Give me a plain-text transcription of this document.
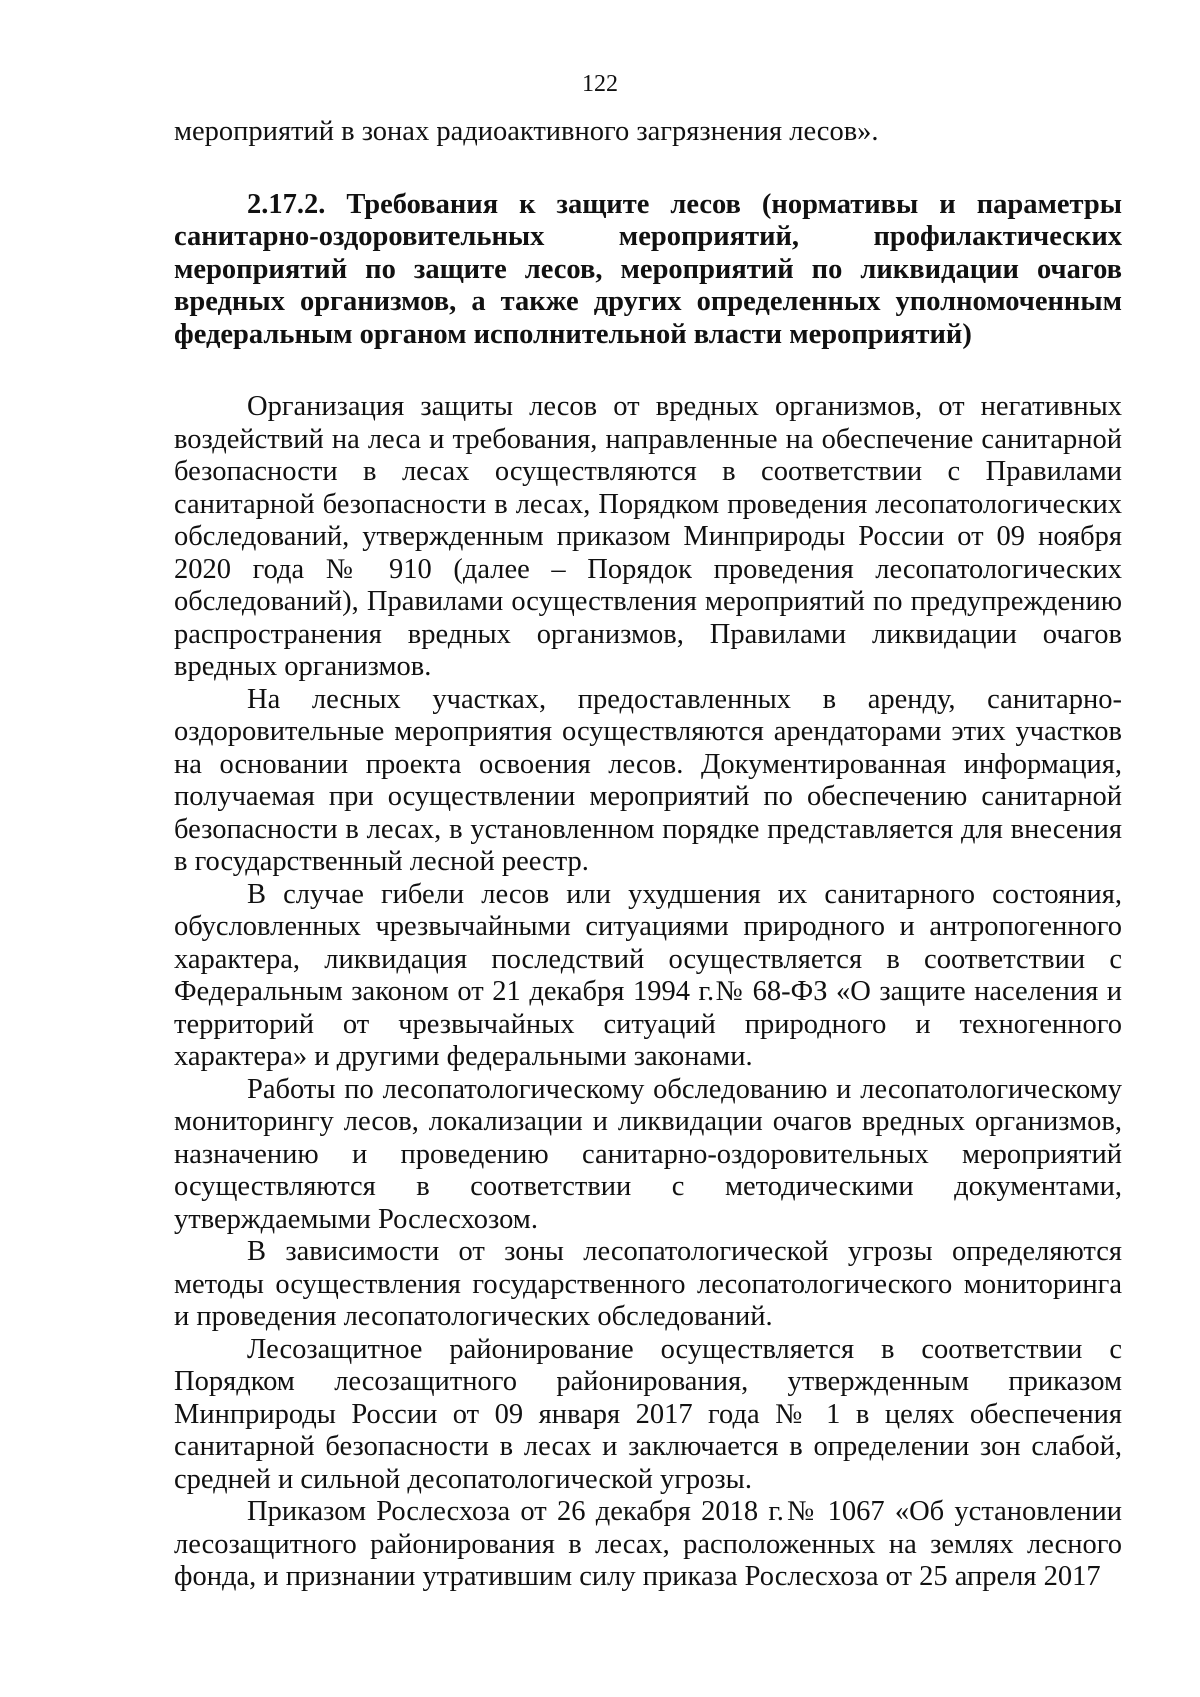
122

мероприятий в зонах радиоактивного загрязнения лесов».

2.17.2. Требования к защите лесов (нормативы и параметры санитарно-оздоровительных мероприятий, профилактических мероприятий по защите лесов, мероприятий по ликвидации очагов вредных организмов, а также других определенных уполномоченным федеральным органом исполнительной власти мероприятий)

Организация защиты лесов от вредных организмов, от негативных воздействий на леса и требования, направленные на обеспечение санитарной безопасности в лесах осуществляются в соответствии с Правилами санитарной безопасности в лесах, Порядком проведения лесопатологических обследований, утвержденным приказом Минприроды России от 09 ноября 2020 года № 910 (далее – Порядок проведения лесопатологических обследований), Правилами осуществления мероприятий по предупреждению распространения вредных организмов, Правилами ликвидации очагов вредных организмов.

На лесных участках, предоставленных в аренду, санитарно-оздоровительные мероприятия осуществляются арендаторами этих участков на основании проекта освоения лесов. Документированная информация, получаемая при осуществлении мероприятий по обеспечению санитарной безопасности в лесах, в установленном порядке представляется для внесения в государственный лесной реестр.

В случае гибели лесов или ухудшения их санитарного состояния, обусловленных чрезвычайными ситуациями природного и антропогенного характера, ликвидация последствий осуществляется в соответствии с Федеральным законом от 21 декабря 1994 г.№ 68-ФЗ «О защите населения и территорий от чрезвычайных ситуаций природного и техногенного характера» и другими федеральными законами.

Работы по лесопатологическому обследованию и лесопатологическому мониторингу лесов, локализации и ликвидации очагов вредных организмов, назначению и проведению санитарно-оздоровительных мероприятий осуществляются в соответствии с методическими документами, утверждаемыми Рослесхозом.

В зависимости от зоны лесопатологической угрозы определяются методы осуществления государственного лесопатологического мониторинга и проведения лесопатологических обследований.

Лесозащитное районирование осуществляется в соответствии с Порядком лесозащитного районирования, утвержденным приказом Минприроды России от 09 января 2017 года № 1 в целях обеспечения санитарной безопасности в лесах и заключается в определении зон слабой, средней и сильной десопатологической угрозы.

Приказом Рослесхоза от 26 декабря 2018 г.№ 1067 «Об установлении лесозащитного районирования в лесах, расположенных на землях лесного фонда, и признании утратившим силу приказа Рослесхоза от 25 апреля 2017
